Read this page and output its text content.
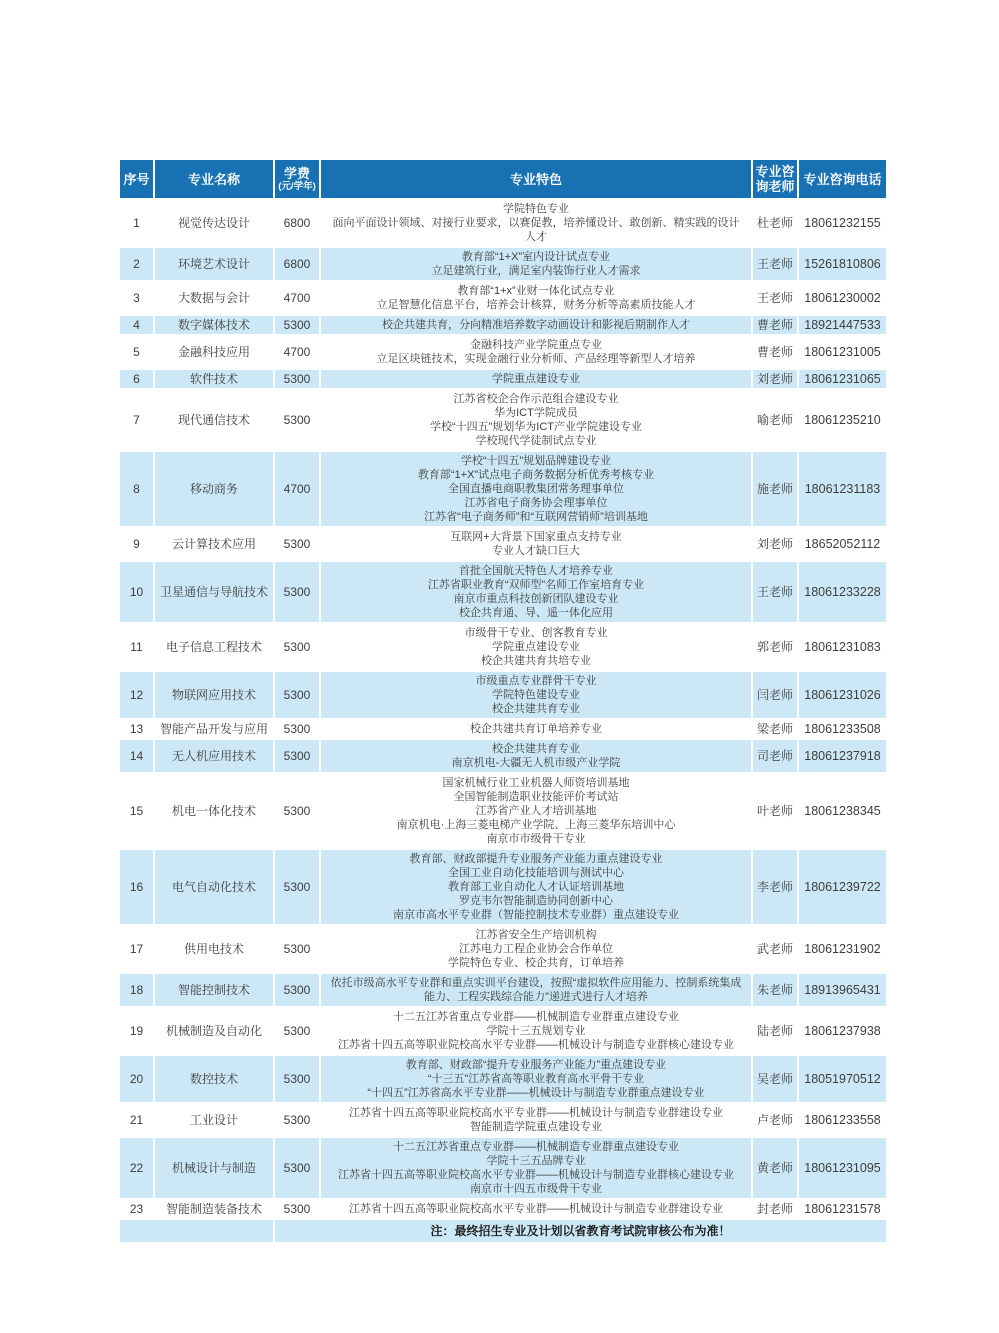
序号	专业名称	学费
(元/学年)	专业特色	专业咨询老师	专业咨询电话
1	视觉传达设计	6800	学院特色专业
面向平面设计领域、对接行业要求，以赛促教，培养懂设计、敢创新、精实践的设计人才	杜老师	18061232155
2	环境艺术设计	6800	教育部“1+X”室内设计试点专业
立足建筑行业，满足室内装饰行业人才需求	王老师	15261810806
3	大数据与会计	4700	教育部“1+x”业财一体化试点专业
立足智慧化信息平台，培养会计核算，财务分析等高素质技能人才	王老师	18061230002
4	数字媒体技术	5300	校企共建共育，分向精准培养数字动画设计和影视后期制作人才	曹老师	18921447533
5	金融科技应用	4700	金融科技产业学院重点专业
立足区块链技术，实现金融行业分析师、产品经理等新型人才培养	曹老师	18061231005
6	软件技术	5300	学院重点建设专业	刘老师	18061231065
7	现代通信技术	5300	江苏省校企合作示范组合建设专业
华为ICT学院成员
学校“十四五”规划华为ICT产业学院建设专业
学校现代学徒制试点专业	喻老师	18061235210
8	移动商务	4700	学校“十四五”规划品牌建设专业
教育部“1+X”试点电子商务数据分析优秀考核专业
全国直播电商职教集团常务理事单位
江苏省电子商务协会理事单位
江苏省“电子商务师”和“互联网营销师”培训基地	施老师	18061231183
9	云计算技术应用	5300	互联网+大背景下国家重点支持专业
专业人才缺口巨大	刘老师	18652052112
10	卫星通信与导航技术	5300	首批全国航天特色人才培养专业
江苏省职业教育“双师型”名师工作室培育专业
南京市重点科技创新团队建设专业
校企共育通、导、遥一体化应用	王老师	18061233228
11	电子信息工程技术	5300	市级骨干专业、创客教育专业
学院重点建设专业
校企共建共育共培专业	郭老师	18061231083
12	物联网应用技术	5300	市级重点专业群骨干专业
学院特色建设专业
校企共建共育专业	闫老师	18061231026
13	智能产品开发与应用	5300	校企共建共育订单培养专业	梁老师	18061233508
14	无人机应用技术	5300	校企共建共育专业
南京机电-大疆无人机市级产业学院	司老师	18061237918
15	机电一体化技术	5300	国家机械行业工业机器人师资培训基地
全国智能制造职业技能评价考试站
江苏省产业人才培训基地
南京机电·上海三菱电梯产业学院、上海三菱华东培训中心
南京市市级骨干专业	叶老师	18061238345
16	电气自动化技术	5300	教育部、财政部提升专业服务产业能力重点建设专业
全国工业自动化技能培训与测试中心
教育部工业自动化人才认证培训基地
罗克韦尔智能制造协同创新中心
南京市高水平专业群（智能控制技术专业群）重点建设专业	李老师	18061239722
17	供用电技术	5300	江苏省安全生产培训机构
江苏电力工程企业协会合作单位
学院特色专业、校企共育，订单培养	武老师	18061231902
18	智能控制技术	5300	依托市级高水平专业群和重点实训平台建设，按照“虚拟软件应用能力、控制系统集成能力、工程实践综合能力”递进式进行人才培养	朱老师	18913965431
19	机械制造及自动化	5300	十二五江苏省重点专业群——机械制造专业群重点建设专业
学院十三五规划专业
江苏省十四五高等职业院校高水平专业群——机械设计与制造专业群核心建设专业	陆老师	18061237938
20	数控技术	5300	教育部、财政部“提升专业服务产业能力”重点建设专业
“十三五”江苏省高等职业教育高水平骨干专业
“十四五”江苏省高水平专业群——机械设计与制造专业群重点建设专业	吴老师	18051970512
21	工业设计	5300	江苏省十四五高等职业院校高水平专业群——机械设计与制造专业群建设专业
智能制造学院重点建设专业	卢老师	18061233558
22	机械设计与制造	5300	十二五江苏省重点专业群——机械制造专业群重点建设专业
学院十三五品牌专业
江苏省十四五高等职业院校高水平专业群——机械设计与制造专业群核心建设专业
南京市十四五市级骨干专业	黄老师	18061231095
23	智能制造装备技术	5300	江苏省十四五高等职业院校高水平专业群——机械设计与制造专业群建设专业	封老师	18061231578
		注：最终招生专业及计划以省教育考试院审核公布为准！			
